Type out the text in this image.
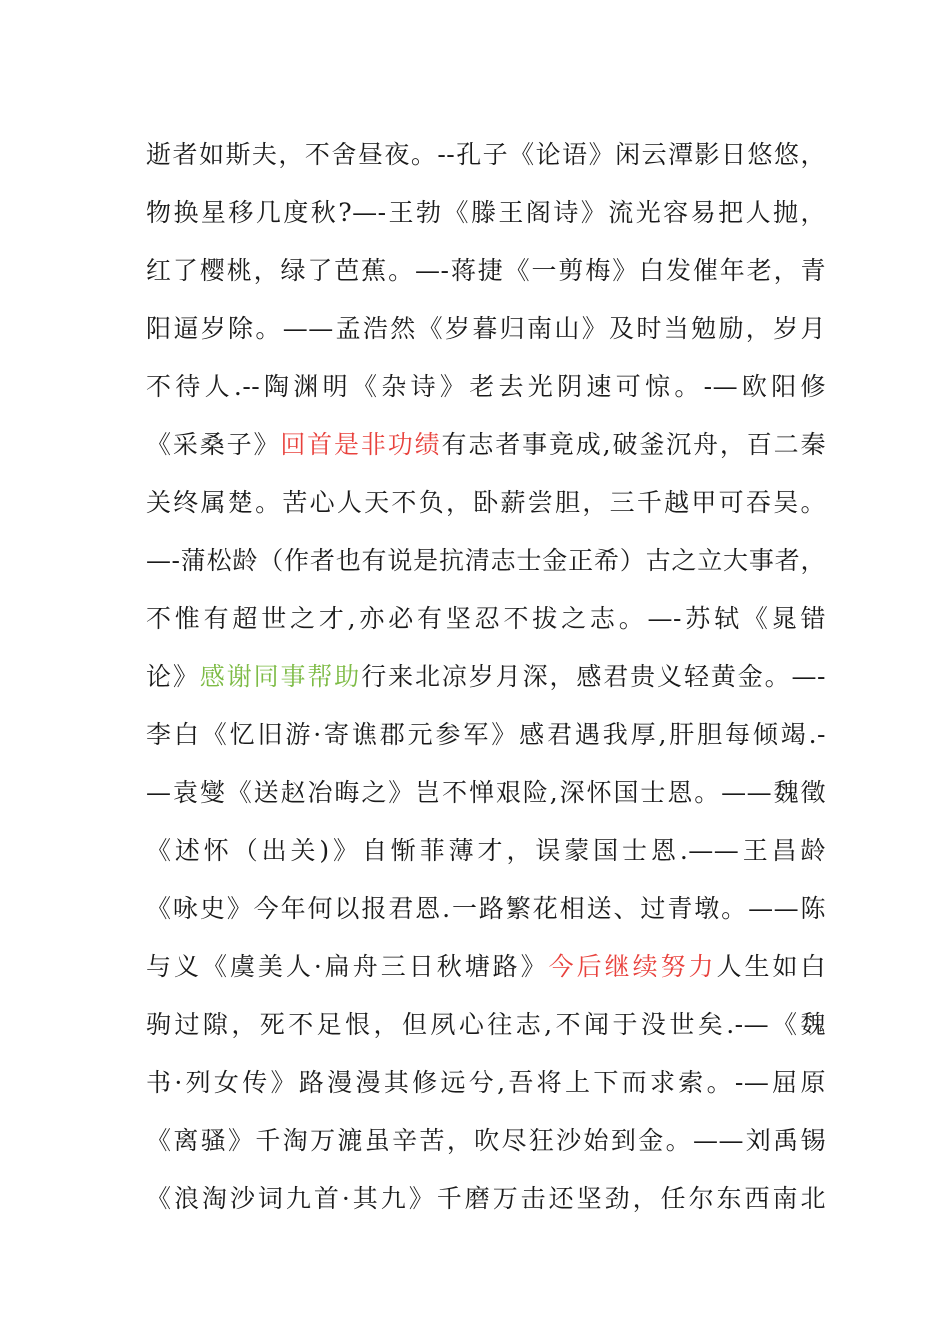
逝者如斯夫，不舍昼夜。--孔子《论语》闲云潭影日悠悠，
物换星移几度秋?—-王勃《滕王阁诗》流光容易把人抛，
红了樱桃，绿了芭蕉。—-蒋捷《一剪梅》白发催年老，青
阳逼岁除。——孟浩然《岁暮归南山》及时当勉励，岁月
不待人.--陶渊明《杂诗》老去光阴速可惊。-—欧阳修
《采桑子》回首是非功绩有志者事竟成,破釜沉舟，百二秦
关终属楚。苦心人天不负，卧薪尝胆，三千越甲可吞吴。
—-蒲松龄（作者也有说是抗清志士金正希）古之立大事者，
不惟有超世之才,亦必有坚忍不拔之志。—-苏轼《晁错
论》感谢同事帮助行来北凉岁月深，感君贵义轻黄金。—-
李白《忆旧游·寄谯郡元参军》感君遇我厚,肝胆每倾竭.-
—袁燮《送赵冶晦之》岂不惮艰险,深怀国士恩。——魏徵
《述怀（出关)》自惭菲薄才，误蒙国士恩.——王昌龄
《咏史》今年何以报君恩.一路繁花相送、过青墩。——陈
与义《虞美人·扁舟三日秋塘路》今后继续努力人生如白
驹过隙，死不足恨，但夙心往志,不闻于没世矣.-—《魏
书·列女传》路漫漫其修远兮,吾将上下而求索。-—屈原
《离骚》千淘万漉虽辛苦，吹尽狂沙始到金。——刘禹锡
《浪淘沙词九首·其九》千磨万击还坚劲，任尔东西南北
